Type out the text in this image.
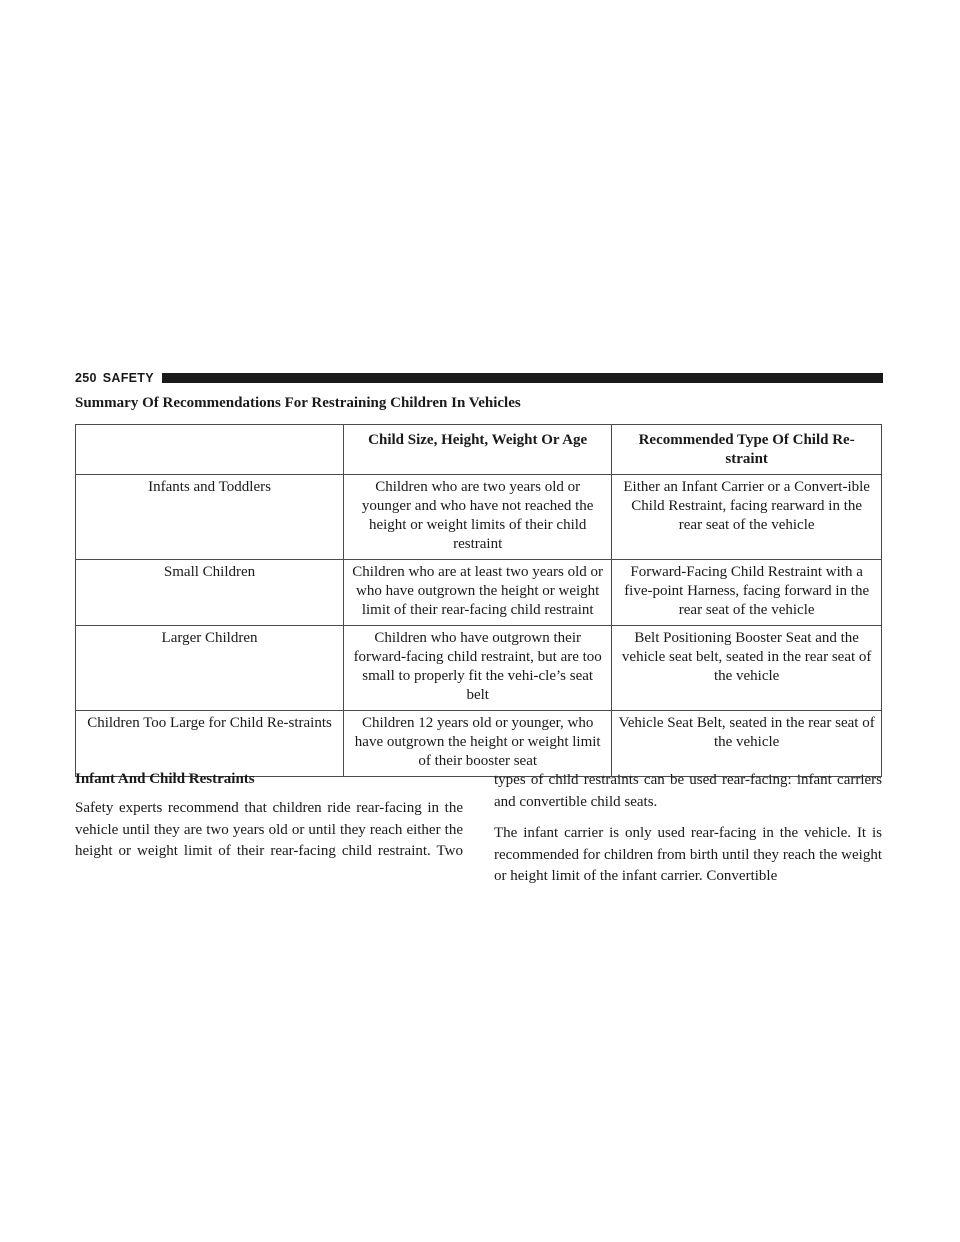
250 SAFETY
Summary Of Recommendations For Restraining Children In Vehicles
	Child Size, Height, Weight Or Age	Recommended Type Of Child Re-straint
Infants and Toddlers	Children who are two years old or younger and who have not reached the height or weight limits of their child restraint	Either an Infant Carrier or a Convert-ible Child Restraint, facing rearward in the rear seat of the vehicle
Small Children	Children who are at least two years old or who have outgrown the height or weight limit of their rear-facing child restraint	Forward-Facing Child Restraint with a five-point Harness, facing forward in the rear seat of the vehicle
Larger Children	Children who have outgrown their forward-facing child restraint, but are too small to properly fit the vehi-cle’s seat belt	Belt Positioning Booster Seat and the vehicle seat belt, seated in the rear seat of the vehicle
Children Too Large for Child Re-straints	Children 12 years old or younger, who have outgrown the height or weight limit of their booster seat	Vehicle Seat Belt, seated in the rear seat of the vehicle
Infant And Child Restraints

Safety experts recommend that children ride rear-facing in the vehicle until they are two years old or until they reach either the height or weight limit of their rear-facing child restraint. Two

types of child restraints can be used rear-facing: infant carriers and convertible child seats.

The infant carrier is only used rear-facing in the vehicle. It is recommended for children from birth until they reach the weight or height limit of the infant carrier. Convertible
